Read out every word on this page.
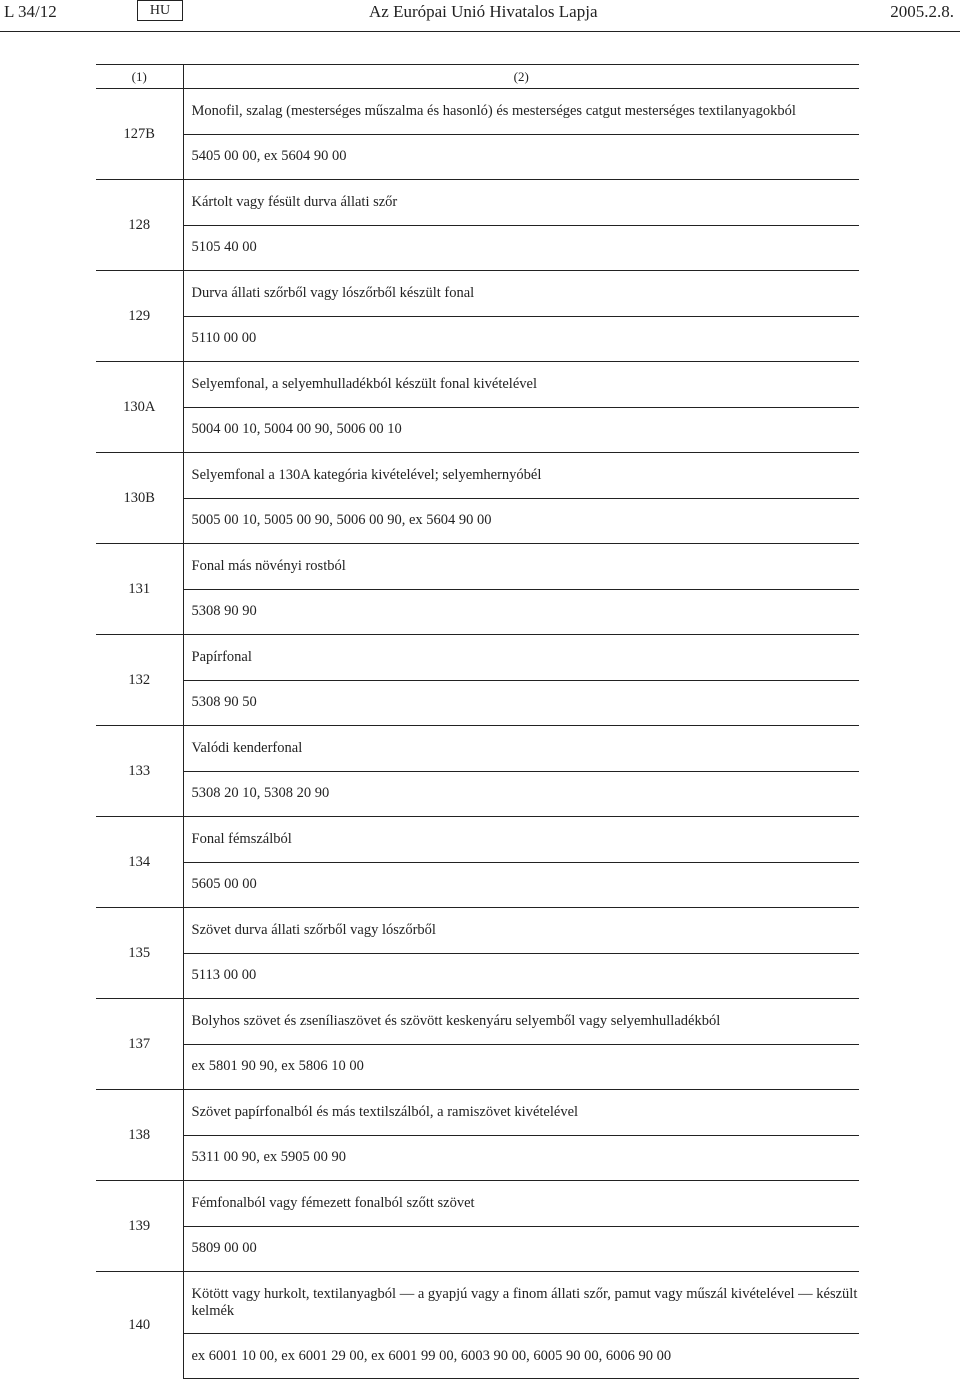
L 34/12	HU	Az Európai Unió Hivatalos Lapja	2005.2.8.
(1)	(2)
127B	Monofil, szalag (mesterséges műszalma és hasonló) és mesterséges catgut mesterséges textilanyagokból
	5405 00 00, ex 5604 90 00
128	Kártolt vagy fésült durva állati szőr
	5105 40 00
129	Durva állati szőrből vagy lószőrből készült fonal
	5110 00 00
130A	Selyemfonal, a selyemhulladékból készült fonal kivételével
	5004 00 10, 5004 00 90, 5006 00 10
130B	Selyemfonal a 130A kategória kivételével; selyemhernyóbél
	5005 00 10, 5005 00 90, 5006 00 90, ex 5604 90 00
131	Fonal más növényi rostból
	5308 90 90
132	Papírfonal
	5308 90 50
133	Valódi kenderfonal
	5308 20 10, 5308 20 90
134	Fonal fémszálból
	5605 00 00
135	Szövet durva állati szőrből vagy lószőrből
	5113 00 00
137	Bolyhos szövet és zseníliaszövet és szövött keskenyáru selyemből vagy selyemhulladékból
	ex 5801 90 90, ex 5806 10 00
138	Szövet papírfonalból és más textilszálból, a ramiszövet kivételével
	5311 00 90, ex 5905 00 90
139	Fémfonalból vagy fémezett fonalból szőtt szövet
	5809 00 00
140	Kötött vagy hurkolt, textilanyagból — a gyapjú vagy a finom állati szőr, pamut vagy műszál kivételével — készült kelmék
	ex 6001 10 00, ex 6001 29 00, ex 6001 99 00, 6003 90 00, 6005 90 00, 6006 90 00
